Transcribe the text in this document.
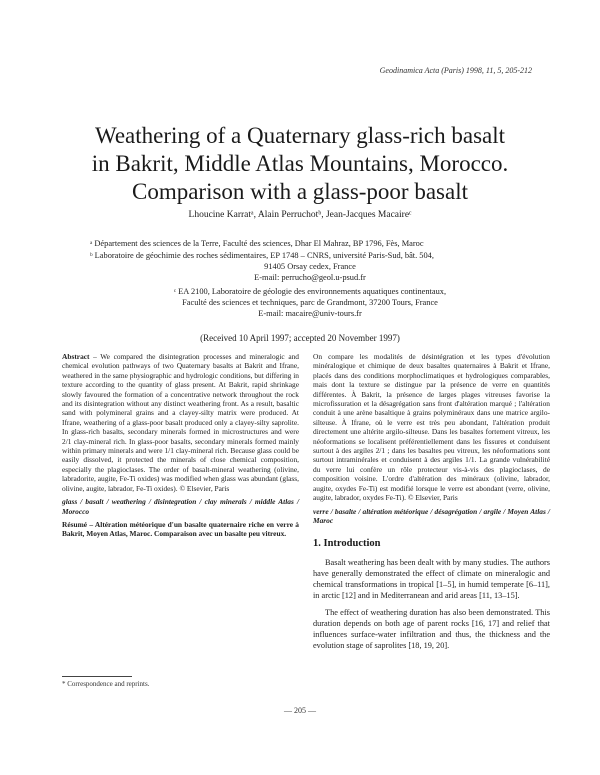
Geodinamica Acta (Paris) 1998, 11, 5, 205-212
Weathering of a Quaternary glass-rich basalt
in Bakrit, Middle Atlas Mountains, Morocco.
Comparison with a glass-poor basalt
Lhoucine Karratᵃ, Alain Perruchotᵇ, Jean-Jacques Macaireᶜ
ᵃ Département des sciences de la Terre, Faculté des sciences, Dhar El Mahraz, BP 1796, Fès, Maroc
ᵇ Laboratoire de géochimie des roches sédimentaires, EP 1748 – CNRS, université Paris-Sud, bât. 504,
91405 Orsay cedex, France
E-mail: perrucho@geol.u-psud.fr
ᶜ EA 2100, Laboratoire de géologie des environnements aquatiques continentaux,
Faculté des sciences et techniques, parc de Grandmont, 37200 Tours, France
E-mail: macaire@univ-tours.fr
(Received 10 April 1997; accepted 20 November 1997)

Abstract – We compared the disintegration processes and mineralogic and chemical evolution pathways of two Quaternary basalts at Bakrit and Ifrane, weathered in the same physiographic and hydrologic conditions, but differing in texture according to the quantity of glass present. At Bakrit, rapid shrinkage slowly favoured the formation of a concentrative network throughout the rock and its disintegration without any distinct weathering front. As a result, basaltic sand with polymineral grains and a clayey-silty matrix were produced. At Ifrane, weathering of a glass-poor basalt produced only a clayey-silty saprolite. In glass-rich basalts, secondary minerals formed in microstructures and were 2/1 clay-mineral rich. In glass-poor basalts, secondary minerals formed mainly within primary minerals and were 1/1 clay-mineral rich. Because glass could be easily dissolved, it protected the minerals of close chemical composition, especially the plagioclases. The order of basalt-mineral weathering (olivine, labradorite, augite, Fe-Ti oxides) was modified when glass was abundant (glass, olivine, augite, labrador, Fe-Ti oxides). © Elsevier, Paris

glass / basalt / weathering / disintegration / clay minerals / middle Atlas / Morocco

Résumé – Altération météorique d'un basalte quaternaire riche en verre à Bakrit, Moyen Atlas, Maroc. Comparaison avec un basalte peu vitreux.

On compare les modalités de désintégration et les types d'évolution minéralogique et chimique de deux basaltes quaternaires à Bakrit et Ifrane, placés dans des conditions morphoclimatiques et hydrologiques comparables, mais dont la texture se distingue par la présence de verre en quantités différentes. À Bakrit, la présence de larges plages vitreuses favorise la microfissuration et la désagrégation sans front d'altération marqué ; l'altération conduit à une arène basaltique à grains polyminéraux dans une matrice argilo-silteuse. À Ifrane, où le verre est très peu abondant, l'altération produit directement une altérite argilo-silteuse. Dans les basaltes fortement vitreux, les néoformations se localisent préférentiellement dans les fissures et conduisent surtout à des argiles 2/1 ; dans les basaltes peu vitreux, les néoformations sont surtout intraminérales et conduisent à des argiles 1/1. La grande vulnérabilité du verre lui confère un rôle protecteur vis-à-vis des plagioclases, de composition voisine. L'ordre d'altération des minéraux (olivine, labrador, augite, oxydes Fe-Ti) est modifié lorsque le verre est abondant (verre, olivine, augite, labrador, oxydes Fe-Ti). © Elsevier, Paris

verre / basalte / altération météorique / désagrégation / argile / Moyen Atlas / Maroc

1. Introduction

Basalt weathering has been dealt with by many studies. The authors have generally demonstrated the effect of climate on mineralogic and chemical transformations in tropical [1–5], in humid temperate [6–11], in arctic [12] and in Mediterranean and arid areas [11, 13–15].

The effect of weathering duration has also been demonstrated. This duration depends on both age of parent rocks [16, 17] and relief that influences surface-water infiltration and thus, the thickness and the evolution stage of saprolites [18, 19, 20].

* Correspondence and reprints.
— 205 —
